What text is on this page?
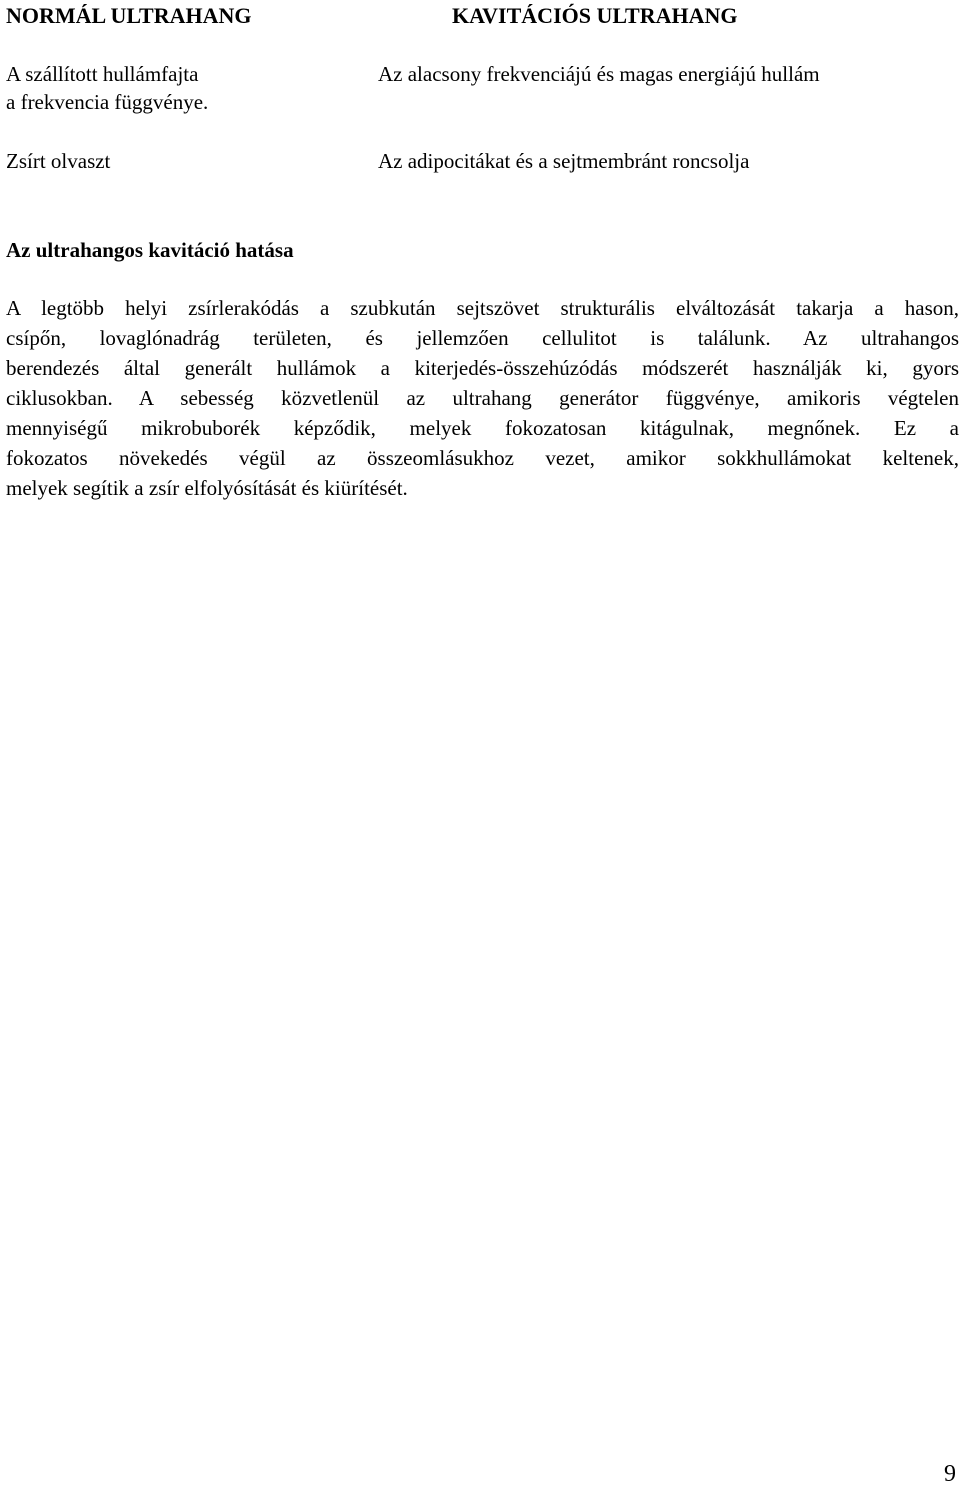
NORMÁL ULTRAHANG	KAVITÁCIÓS ULTRAHANG
A szállított hullámfajta
a frekvencia függvénye.
Az alacsony frekvenciájú és magas energiájú hullám
Zsírt olvaszt	Az adipocitákat és a sejtmembránt roncsolja
Az ultrahangos kavitáció hatása
A legtöbb helyi zsírlerakódás a szubkután sejtszövet strukturális elváltozását takarja a hason,
csípőn, lovaglónadrág területen, és jellemzően cellulitot is találunk. Az ultrahangos
berendezés által generált hullámok a kiterjedés-összehúzódás módszerét használják ki, gyors
ciklusokban. A sebesség közvetlenül az ultrahang generátor függvénye, amikoris végtelen
mennyiségű mikrobuborék képződik, melyek fokozatosan kitágulnak, megnőnek. Ez a
fokozatos növekedés végül az összeomlásukhoz vezet, amikor sokkhullámokat keltenek,
melyek segítik a zsír elfolyósítását és kiürítését.
9
